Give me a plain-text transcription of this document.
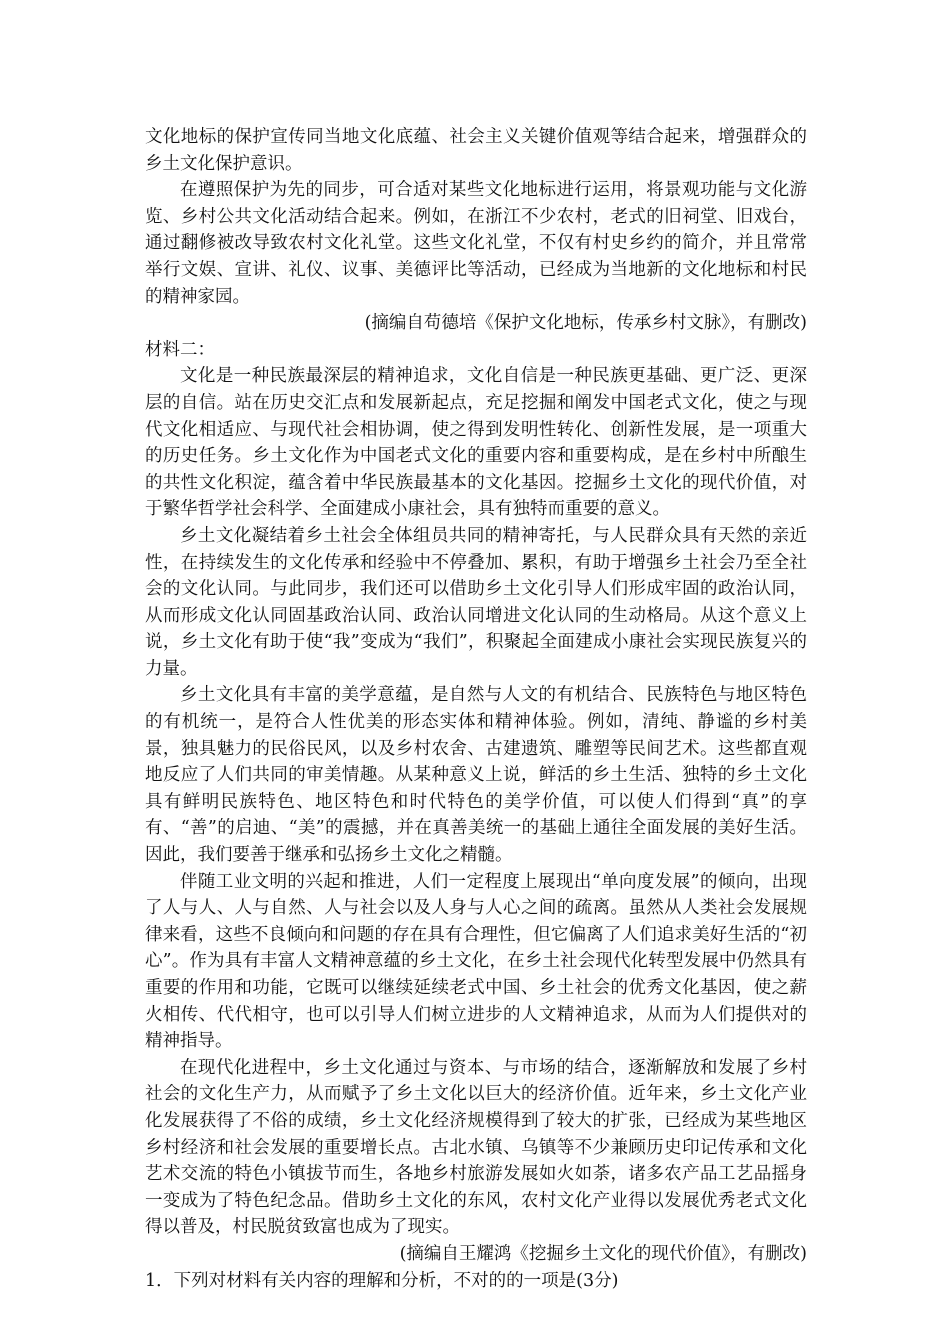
文化地标的保护宣传同当地文化底蕴、社会主义关键价值观等结合起来，增强群众的乡土文化保护意识。

在遵照保护为先的同步，可合适对某些文化地标进行运用，将景观功能与文化游览、乡村公共文化活动结合起来。例如，在浙江不少农村，老式的旧祠堂、旧戏台，通过翻修被改导致农村文化礼堂。这些文化礼堂，不仅有村史乡约的简介，并且常常举行文娱、宣讲、礼仪、议事、美德评比等活动，已经成为当地新的文化地标和村民的精神家园。

(摘编自苟德培《保护文化地标，传承乡村文脉》，有删改)

材料二：

文化是一种民族最深层的精神追求，文化自信是一种民族更基础、更广泛、更深层的自信。站在历史交汇点和发展新起点，充足挖掘和阐发中国老式文化，使之与现代文化相适应、与现代社会相协调，使之得到发明性转化、创新性发展，是一项重大的历史任务。乡土文化作为中国老式文化的重要内容和重要构成，是在乡村中所酿生的共性文化积淀，蕴含着中华民族最基本的文化基因。挖掘乡土文化的现代价值，对于繁华哲学社会科学、全面建成小康社会，具有独特而重要的意义。

乡土文化凝结着乡土社会全体组员共同的精神寄托，与人民群众具有天然的亲近性，在持续发生的文化传承和经验中不停叠加、累积，有助于增强乡土社会乃至全社会的文化认同。与此同步，我们还可以借助乡土文化引导人们形成牢固的政治认同，从而形成文化认同固基政治认同、政治认同增进文化认同的生动格局。从这个意义上说，乡土文化有助于使“我”变成为“我们”，积聚起全面建成小康社会实现民族复兴的力量。

乡土文化具有丰富的美学意蕴，是自然与人文的有机结合、民族特色与地区特色的有机统一，是符合人性优美的形态实体和精神体验。例如，清纯、静谧的乡村美景，独具魅力的民俗民风，以及乡村农舍、古建遗筑、雕塑等民间艺术。这些都直观地反应了人们共同的审美情趣。从某种意义上说，鲜活的乡土生活、独特的乡土文化具有鲜明民族特色、地区特色和时代特色的美学价值，可以使人们得到“真”的享有、“善”的启迪、“美”的震撼，并在真善美统一的基础上通往全面发展的美好生活。因此，我们要善于继承和弘扬乡土文化之精髓。

伴随工业文明的兴起和推进，人们一定程度上展现出“单向度发展”的倾向，出现了人与人、人与自然、人与社会以及人身与人心之间的疏离。虽然从人类社会发展规律来看，这些不良倾向和问题的存在具有合理性，但它偏离了人们追求美好生活的“初心”。作为具有丰富人文精神意蕴的乡土文化，在乡土社会现代化转型发展中仍然具有重要的作用和功能，它既可以继续延续老式中国、乡土社会的优秀文化基因，使之薪火相传、代代相守，也可以引导人们树立进步的人文精神追求，从而为人们提供对的精神指导。

在现代化进程中，乡土文化通过与资本、与市场的结合，逐渐解放和发展了乡村社会的文化生产力，从而赋予了乡土文化以巨大的经济价值。近年来，乡土文化产业化发展获得了不俗的成绩，乡土文化经济规模得到了较大的扩张，已经成为某些地区乡村经济和社会发展的重要增长点。古北水镇、乌镇等不少兼顾历史印记传承和文化艺术交流的特色小镇拔节而生，各地乡村旅游发展如火如荼，诸多农产品工艺品摇身一变成为了特色纪念品。借助乡土文化的东风，农村文化产业得以发展优秀老式文化得以普及，村民脱贫致富也成为了现实。

(摘编自王耀鸿《挖掘乡土文化的现代价值》，有删改)

1．下列对材料有关内容的理解和分析，不对的的一项是(3分)
